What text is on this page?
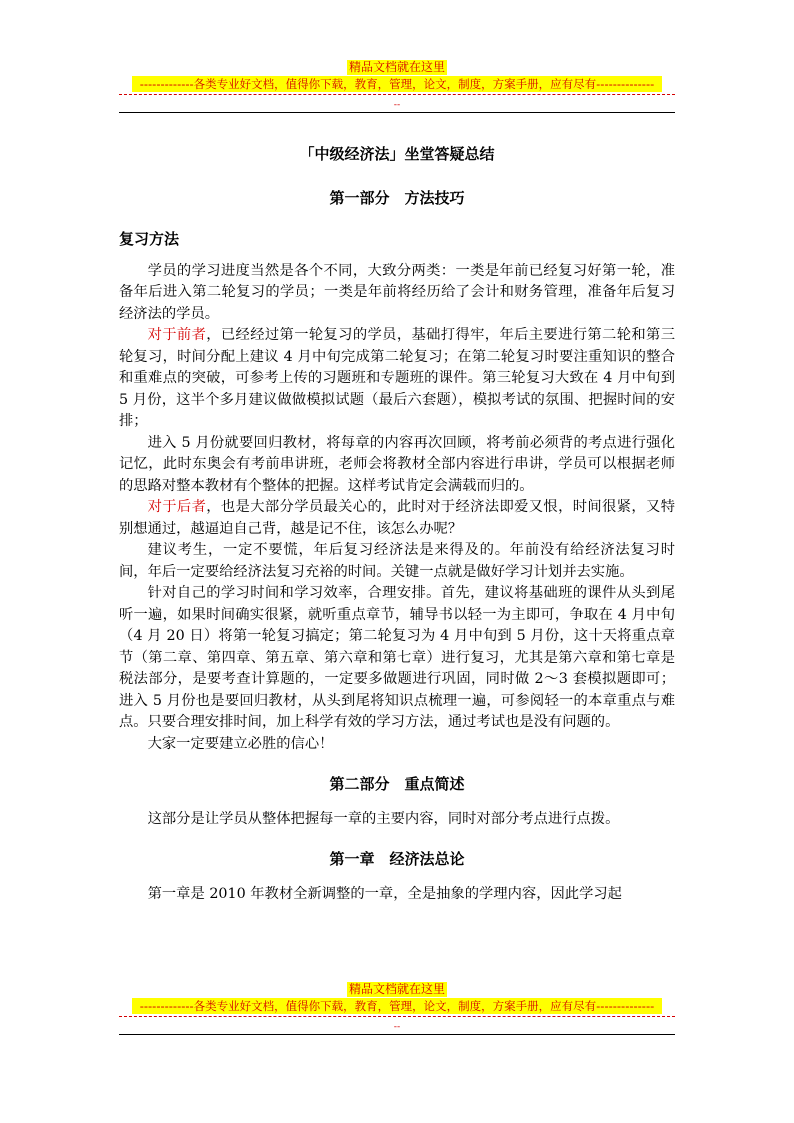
精品文档就在这里
-------------各类专业好文档，值得你下载，教育，管理，论文，制度，方案手册，应有尽有--------------
--

「中级经济法」坐堂答疑总结

第一部分　方法技巧

复习方法

学员的学习进度当然是各个不同，大致分两类：一类是年前已经复习好第一轮，准备年后进入第二轮复习的学员；一类是年前将经历给了会计和财务管理，准备年后复习经济法的学员。

对于前者，已经经过第一轮复习的学员，基础打得牢，年后主要进行第二轮和第三轮复习，时间分配上建议 4 月中旬完成第二轮复习；在第二轮复习时要注重知识的整合和重难点的突破，可参考上传的习题班和专题班的课件。第三轮复习大致在 4 月中旬到 5 月份，这半个多月建议做做模拟试题（最后六套题），模拟考试的氛围、把握时间的安排；

进入 5 月份就要回归教材，将每章的内容再次回顾，将考前必须背的考点进行强化记忆，此时东奥会有考前串讲班，老师会将教材全部内容进行串讲，学员可以根据老师的思路对整本教材有个整体的把握。这样考试肯定会满载而归的。

对于后者，也是大部分学员最关心的，此时对于经济法即爱又恨，时间很紧，又特别想通过，越逼迫自己背，越是记不住，该怎么办呢？

建议考生，一定不要慌，年后复习经济法是来得及的。年前没有给经济法复习时间，年后一定要给经济法复习充裕的时间。关键一点就是做好学习计划并去实施。

针对自己的学习时间和学习效率，合理安排。首先，建议将基础班的课件从头到尾听一遍，如果时间确实很紧，就听重点章节，辅导书以轻一为主即可，争取在 4 月中旬（4 月 20 日）将第一轮复习搞定；第二轮复习为 4 月中旬到 5 月份，这十天将重点章节（第二章、第四章、第五章、第六章和第七章）进行复习，尤其是第六章和第七章是税法部分，是要考查计算题的，一定要多做题进行巩固，同时做 2～3 套模拟题即可；进入 5 月份也是要回归教材，从头到尾将知识点梳理一遍，可参阅轻一的本章重点与难点。只要合理安排时间，加上科学有效的学习方法，通过考试也是没有问题的。

大家一定要建立必胜的信心！

第二部分　重点简述

这部分是让学员从整体把握每一章的主要内容，同时对部分考点进行点拨。

第一章　经济法总论

第一章是 2010 年教材全新调整的一章，全是抽象的学理内容，因此学习起

精品文档就在这里
-------------各类专业好文档，值得你下载，教育，管理，论文，制度，方案手册，应有尽有--------------
--
